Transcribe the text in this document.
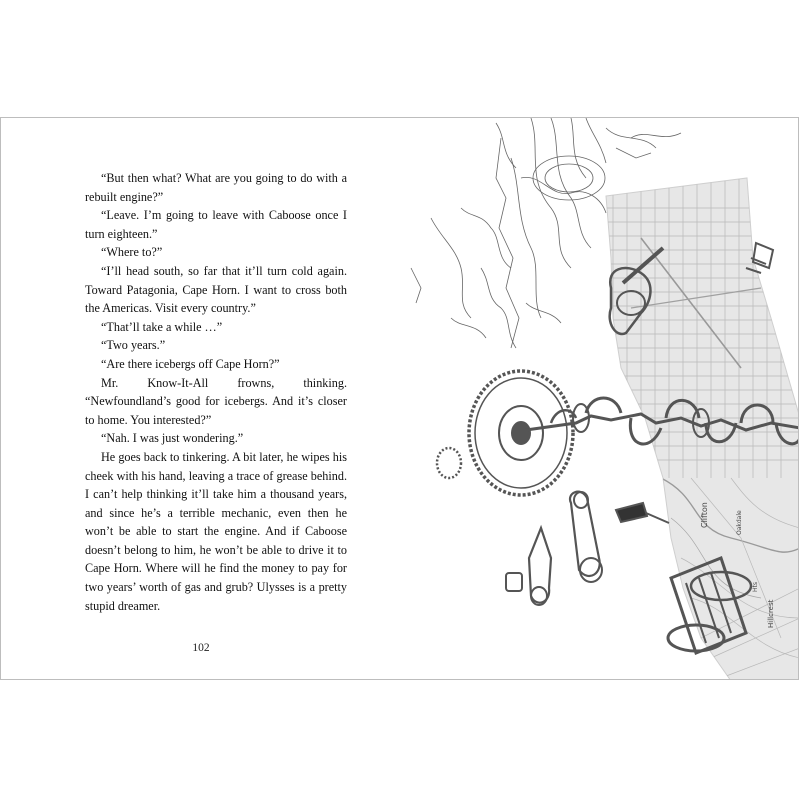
“But then what? What are you going to do with a rebuilt engine?”

“Leave. I’m going to leave with Caboose once I turn eighteen.”

“Where to?”

“I’ll head south, so far that it’ll turn cold again. Toward Patagonia, Cape Horn. I want to cross both the Americas. Visit every country.”

“That’ll take a while …”

“Two years.”

“Are there icebergs off Cape Horn?”

Mr. Know-It-All frowns, thinking. “Newfoundland’s good for icebergs. And it’s closer to home. You interested?”

“Nah. I was just wondering.”

He goes back to tinkering. A bit later, he wipes his cheek with his hand, leaving a trace of grease behind. I can’t help thinking it’ll take him a thousand years, and since he’s a terrible mechanic, even then he won’t be able to start the engine. And if Caboose doesn’t belong to him, he won’t be able to drive it to Cape Horn. Where will he find the money to pay for two years’ worth of gas and grub? Ulysses is a pretty stupid dreamer.

102
Clifton	Oakdale
Hillcrest
Hts
